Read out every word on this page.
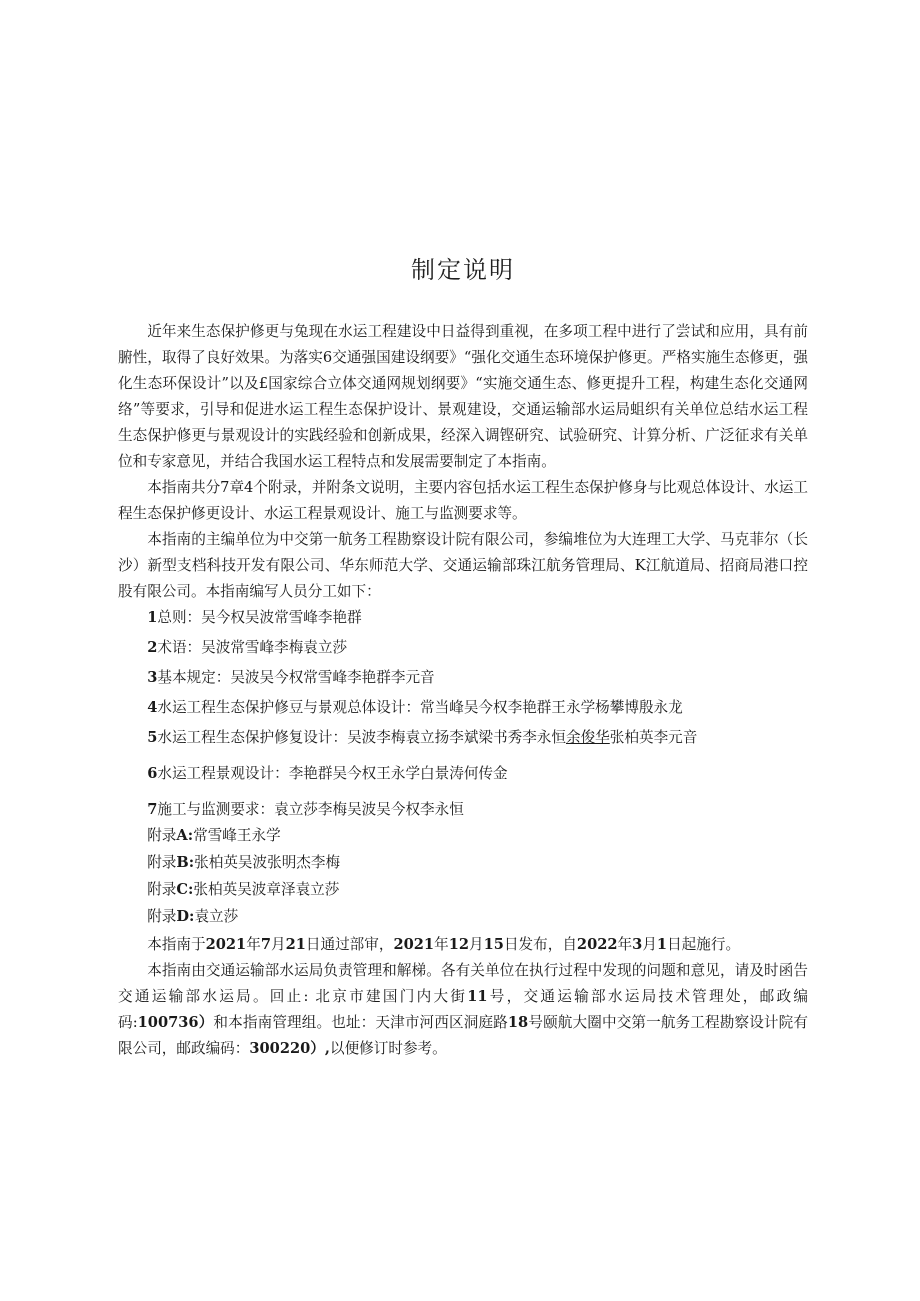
制定说明

近年来生态保护修更与兔现在水运工程建设中日益得到重视，在多项工程中进行了尝试和应用，具有前腑性，取得了良好效果。为落实6交通强国建设纲要》“强化交通生态环境保护修更。严格实施生态修更，强化生态环保设计”以及£国家综合立体交通网规划纲要》“实施交通生态、修更提升工程，构建生态化交通网络”等要求，引导和促进水运工程生态保护设计、景观建设，交通运输部水运局蛆织有关单位总结水运工程生态保护修更与景观设计的实践经验和创新成果，经深入调铿研究、试验研究、计算分析、广泛征求有关单位和专家意见，并结合我国水运工程特点和发展需要制定了本指南。

本指南共分7章4个附录，并附条文说明，主要内容包括水运工程生态保护修身与比观总体设计、水运工程生态保护修更设计、水运工程景观设计、施工与监测要求等。

本指南的主编单位为中交第一航务工程勘察设计院有限公司，参编堆位为大连理工大学、马克菲尔（长沙）新型支档科技开发有限公司、华东师范大学、交通运输部珠江航务管理局、K江航道局、招商局港口控股有限公司。本指南编写人员分工如下：

1总则：吴今权吴波常雪峰李艳群

2术语：吴波常雪峰李梅袁立莎

3基本规定：吴波吴今权常雪峰李艳群李元音

4水运工程生态保护修豆与景观总体设计：常当峰吴今权李艳群王永学杨攀博殷永龙

5水运工程生态保护修复设计：吴波李梅袁立扬李斌梁书秀李永恒余俊华张柏英李元音

6水运工程景观设计：李艳群吴今权王永学白景涛何传金

7施工与监测要求：袁立莎李梅吴波吴今权李永恒

附录A:常雪峰王永学

附录B:张柏英吴波张明杰李梅

附录C:张柏英吴波章泽袁立莎

附录D:袁立莎

本指南于2021年7月21日通过部审，2021年12月15日发布，自2022年3月1日起施行。

本指南由交通运输部水运局负责管理和解梯。各有关单位在执行过程中发现的问题和意见，请及时函告交通运输部水运局。回止: 北京市建国门内大街11号，交通运输部水运局技术管理处，邮政编码:100736）和本指南管理组。也址：天津市河西区洞庭路18号颐航大圈中交第一航务工程勘察设计院有限公司，邮政编码：300220）,以便修订时参考。
